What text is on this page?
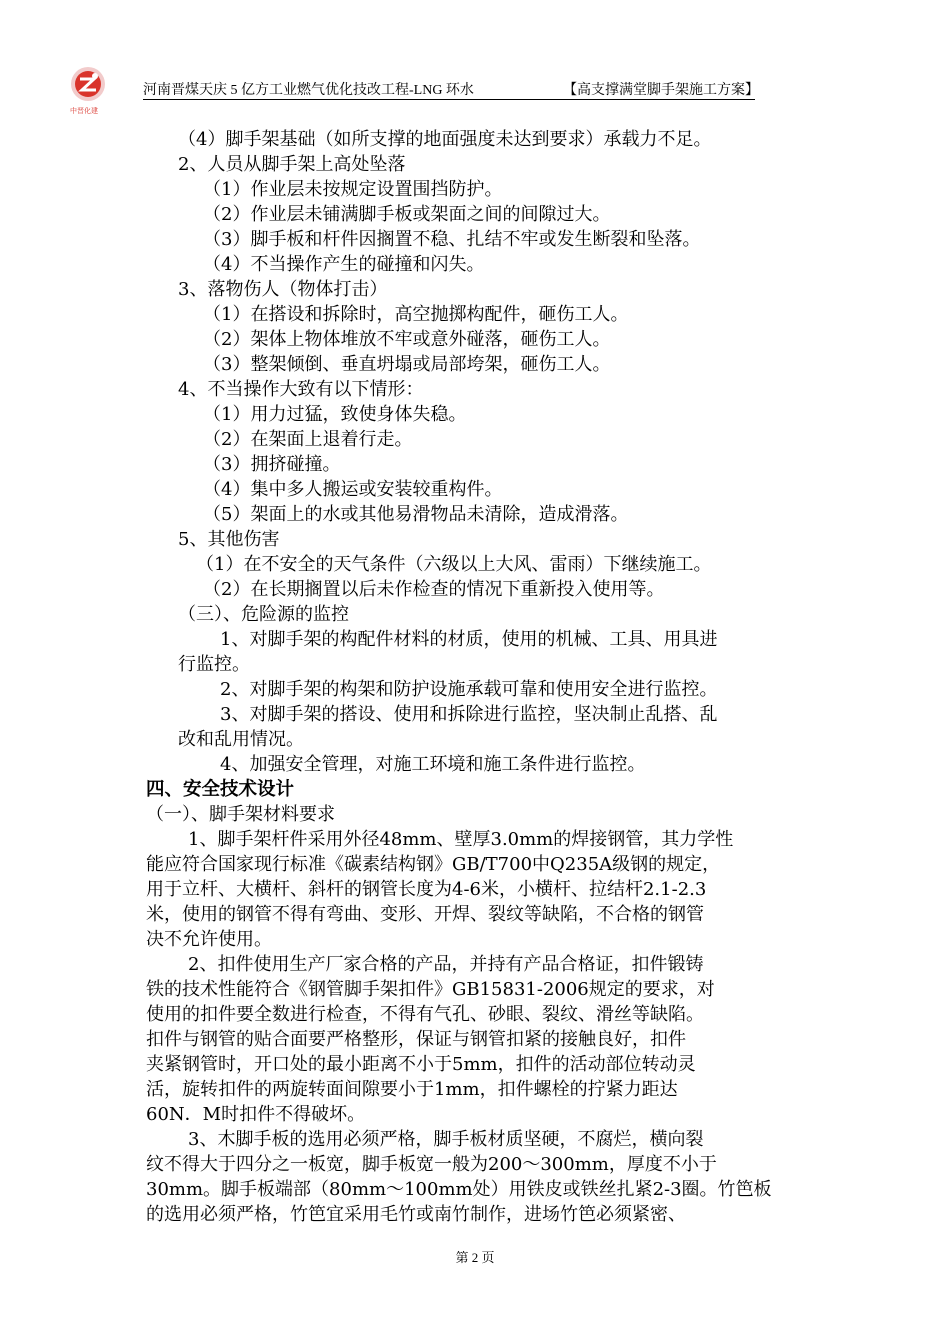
中晋化建
河南晋煤天庆 5 亿方工业燃气优化技改工程-LNG 环水	【高支撑满堂脚手架施工方案】
（4）脚手架基础（如所支撑的地面强度未达到要求）承载力不足。
2、人员从脚手架上高处坠落
（1）作业层未按规定设置围挡防护。
（2）作业层未铺满脚手板或架面之间的间隙过大。
（3）脚手板和杆件因搁置不稳、扎结不牢或发生断裂和坠落。
（4）不当操作产生的碰撞和闪失。
3、落物伤人（物体打击）
（1）在搭设和拆除时，高空抛掷构配件，砸伤工人。
（2）架体上物体堆放不牢或意外碰落，砸伤工人。
（3）整架倾倒、垂直坍塌或局部垮架，砸伤工人。
4、不当操作大致有以下情形：
（1）用力过猛，致使身体失稳。
（2）在架面上退着行走。
（3）拥挤碰撞。
（4）集中多人搬运或安装较重构件。
（5）架面上的水或其他易滑物品未清除，造成滑落。
5、其他伤害
（1）在不安全的天气条件（六级以上大风、雷雨）下继续施工。
（2）在长期搁置以后未作检查的情况下重新投入使用等。
（三）、危险源的监控
1、对脚手架的构配件材料的材质，使用的机械、工具、用具进
行监控。
2、对脚手架的构架和防护设施承载可靠和使用安全进行监控。
3、对脚手架的搭设、使用和拆除进行监控，坚决制止乱搭、乱
改和乱用情况。
4、加强安全管理，对施工环境和施工条件进行监控。
四、安全技术设计
（一）、脚手架材料要求
1、脚手架杆件采用外径48mm、壁厚3.0mm的焊接钢管，其力学性
能应符合国家现行标准《碳素结构钢》GB/T700中Q235A级钢的规定，
用于立杆、大横杆、斜杆的钢管长度为4-6米，小横杆、拉结杆2.1-2.3
米，使用的钢管不得有弯曲、变形、开焊、裂纹等缺陷，不合格的钢管
决不允许使用。
2、扣件使用生产厂家合格的产品，并持有产品合格证，扣件锻铸
铁的技术性能符合《钢管脚手架扣件》GB15831-2006规定的要求，对
使用的扣件要全数进行检查，不得有气孔、砂眼、裂纹、滑丝等缺陷。
扣件与钢管的贴合面要严格整形，保证与钢管扣紧的接触良好，扣件
夹紧钢管时，开口处的最小距离不小于5mm，扣件的活动部位转动灵
活，旋转扣件的两旋转面间隙要小于1mm，扣件螺栓的拧紧力距达
60N．M时扣件不得破坏。
3、木脚手板的选用必须严格，脚手板材质坚硬，不腐烂，横向裂
纹不得大于四分之一板宽，脚手板宽一般为200～300mm，厚度不小于
30mm。脚手板端部（80mm～100mm处）用铁皮或铁丝扎紧2-3圈。竹笆板
的选用必须严格，竹笆宜采用毛竹或南竹制作，进场竹笆必须紧密、
第 2 页
